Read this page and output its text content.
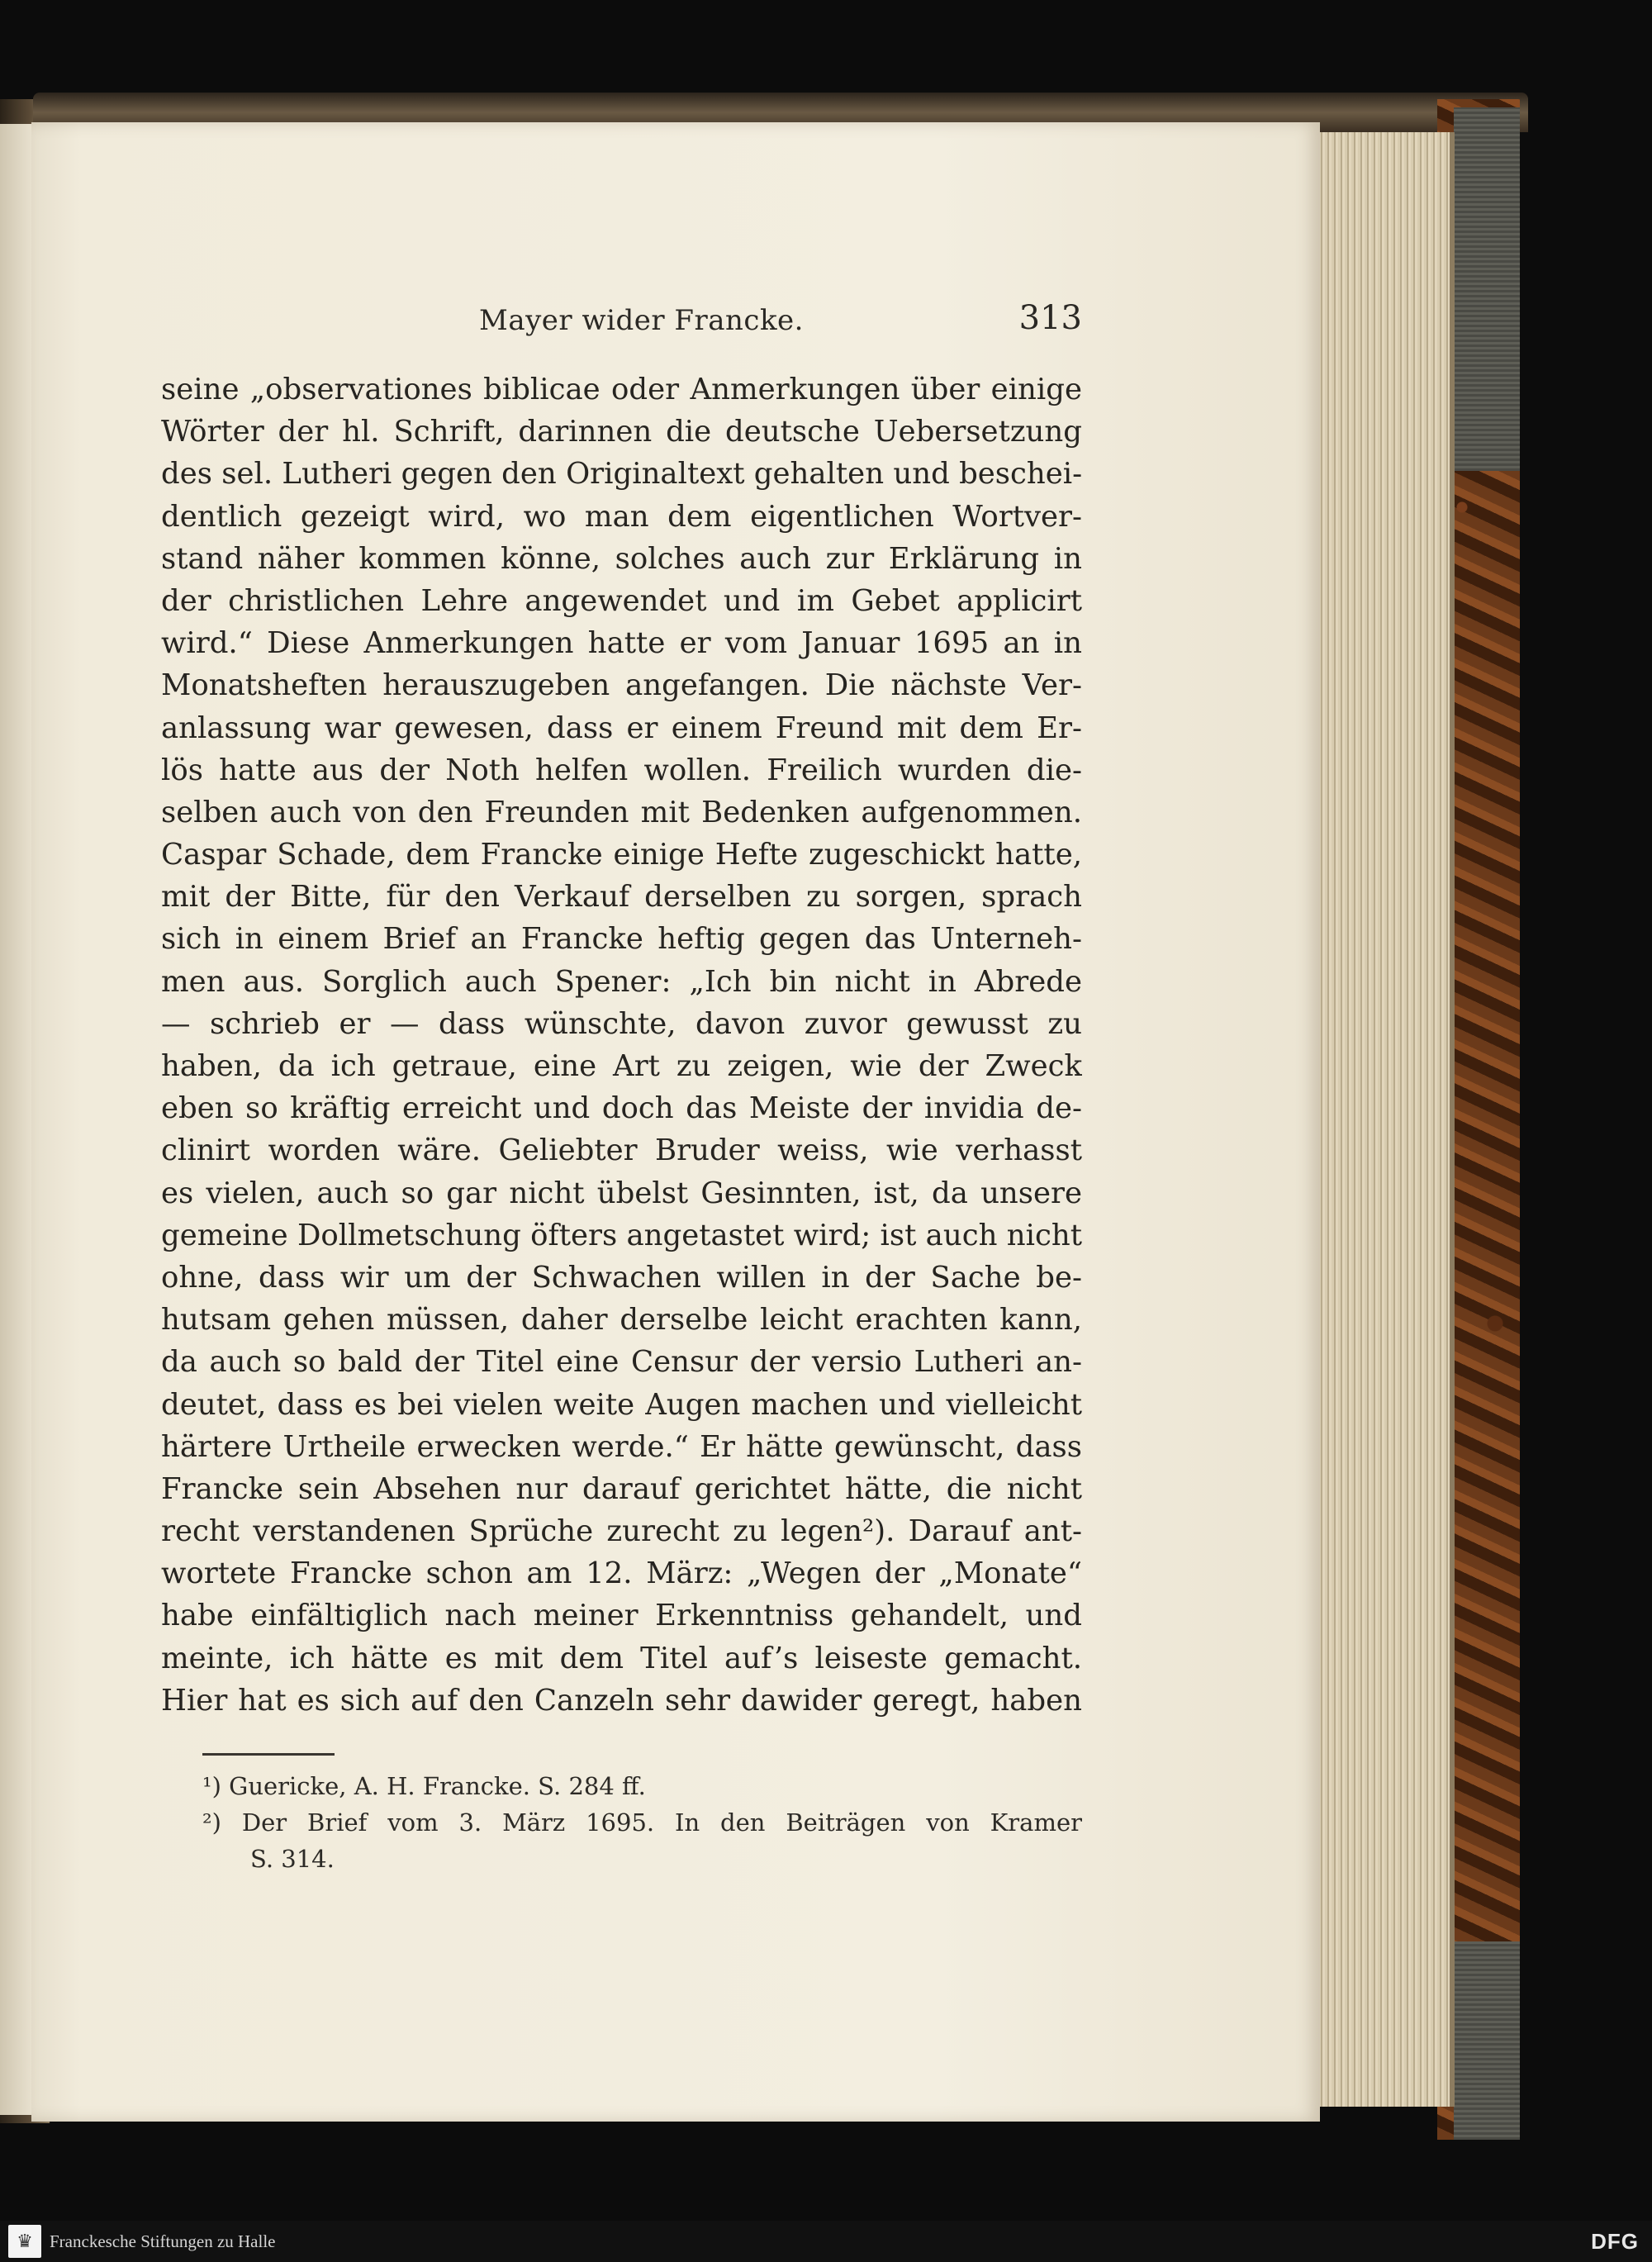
Mayer wider Francke.	313
seine „observationes biblicae oder Anmerkungen über einige
Wörter der hl. Schrift, darinnen die deutsche Uebersetzung
des sel. Lutheri gegen den Originaltext gehalten und beschei-
dentlich gezeigt wird, wo man dem eigentlichen Wortver-
stand näher kommen könne, solches auch zur Erklärung in
der christlichen Lehre angewendet und im Gebet applicirt
wird.“ Diese Anmerkungen hatte er vom Januar 1695 an in
Monatsheften herauszugeben angefangen. Die nächste Ver-
anlassung war gewesen, dass er einem Freund mit dem Er-
lös hatte aus der Noth helfen wollen. Freilich wurden die-
selben auch von den Freunden mit Bedenken aufgenommen.
Caspar Schade, dem Francke einige Hefte zugeschickt hatte,
mit der Bitte, für den Verkauf derselben zu sorgen, sprach
sich in einem Brief an Francke heftig gegen das Unterneh-
men aus. Sorglich auch Spener: „Ich bin nicht in Abrede
— schrieb er — dass wünschte, davon zuvor gewusst zu
haben, da ich getraue, eine Art zu zeigen, wie der Zweck
eben so kräftig erreicht und doch das Meiste der invidia de-
clinirt worden wäre. Geliebter Bruder weiss, wie verhasst
es vielen, auch so gar nicht übelst Gesinnten, ist, da unsere
gemeine Dollmetschung öfters angetastet wird; ist auch nicht
ohne, dass wir um der Schwachen willen in der Sache be-
hutsam gehen müssen, daher derselbe leicht erachten kann,
da auch so bald der Titel eine Censur der versio Lutheri an-
deutet, dass es bei vielen weite Augen machen und vielleicht
härtere Urtheile erwecken werde.“ Er hätte gewünscht, dass
Francke sein Absehen nur darauf gerichtet hätte, die nicht
recht verstandenen Sprüche zurecht zu legen²). Darauf ant-
wortete Francke schon am 12. März: „Wegen der „Monate“
habe einfältiglich nach meiner Erkenntniss gehandelt, und
meinte, ich hätte es mit dem Titel auf’s leiseste gemacht.
Hier hat es sich auf den Canzeln sehr dawider geregt, haben
¹) Guericke, A. H. Francke. S. 284 ff.
²) Der Brief vom 3. März 1695. In den Beiträgen von Kramer
S. 314.
♛ Franckesche Stiftungen zu Halle	DFG
